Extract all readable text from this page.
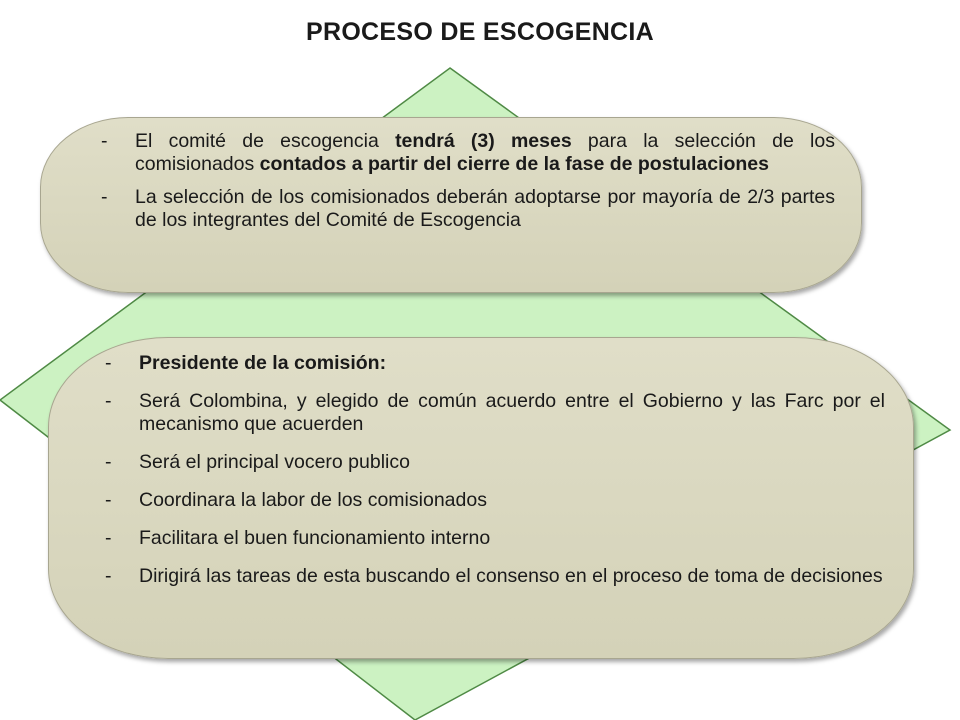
PROCESO DE ESCOGENCIA
- El comité de escogencia tendrá (3) meses para la selección de los comisionados contados a partir del cierre de la fase de postulaciones
- La selección de los comisionados deberán adoptarse por mayoría de 2/3 partes de los integrantes del Comité de Escogencia
- Presidente de la comisión:
- Será Colombina, y elegido de común acuerdo entre el Gobierno y las Farc por el mecanismo que acuerden
- Será el principal vocero publico
- Coordinara la labor de los comisionados
- Facilitara el buen funcionamiento interno
- Dirigirá las tareas de esta buscando el consenso en el proceso de toma de decisiones
